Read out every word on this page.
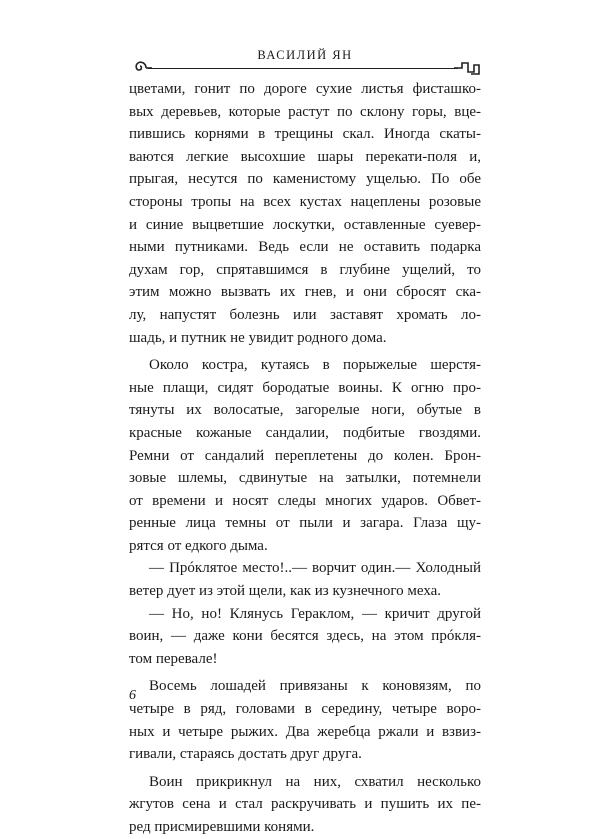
ВАСИЛИЙ ЯН
цветами, гонит по дороге сухие листья фисташко-
вых деревьев, которые растут по склону горы, вце-
пившись корнями в трещины скал. Иногда скаты-
ваются легкие высохшие шары перекати-поля и,
прыгая, несутся по каменистому ущелью. По обе
стороны тропы на всех кустах нацеплены розовые
и синие выцветшие лоскутки, оставленные суевер-
ными путниками. Ведь если не оставить подарка
духам гор, спрятавшимся в глубине ущелий, то
этим можно вызвать их гнев, и они сбросят ска-
лу, напустят болезнь или заставят хромать ло-
шадь, и путник не увидит родного дома.
Около костра, кутаясь в порыжелые шерстя-
ные плащи, сидят бородатые воины. К огню про-
тянуты их волосатые, загорелые ноги, обутые в
красные кожаные сандалии, подбитые гвоздями.
Ремни от сандалий переплетены до колен. Брон-
зовые шлемы, сдвинутые на затылки, потемнели
от времени и носят следы многих ударов. Обвет-
ренные лица темны от пыли и загара. Глаза щу-
рятся от едкого дыма.
— Прóклятое место!..— ворчит один.— Холодный
ветер дует из этой щели, как из кузнечного меха.
— Но, но! Клянусь Гераклом, — кричит другой
воин, — даже кони бесятся здесь, на этом прóкля-
том перевале!
Восемь лошадей привязаны к коновязям, по
четыре в ряд, головами в середину, четыре воро-
ных и четыре рыжих. Два жеребца ржали и взвиз-
гивали, стараясь достать друг друга.
Воин прикрикнул на них, схватил несколько
жгутов сена и стал раскручивать и пушить их пе-
ред присмиревшими конями.
6
